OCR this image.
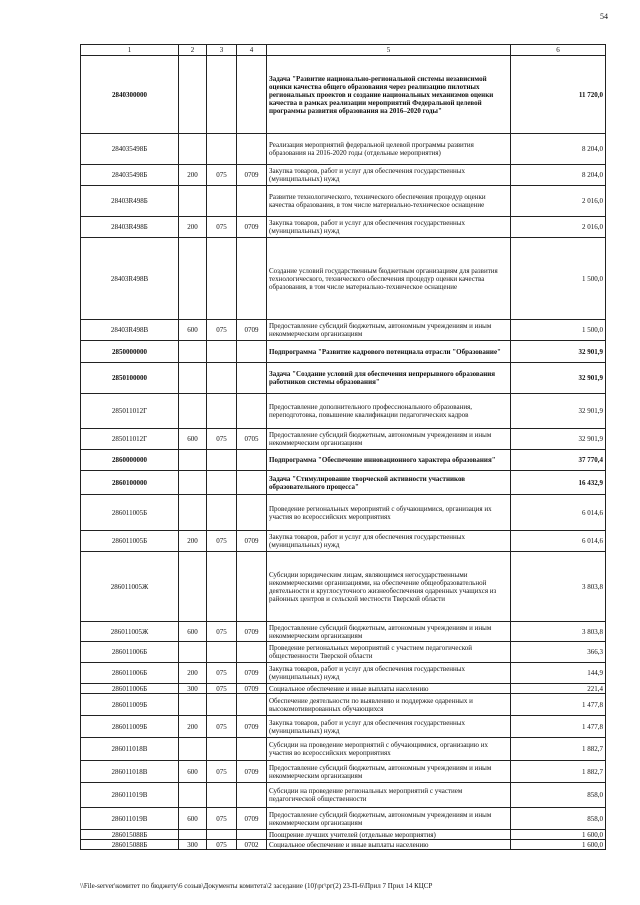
54
1	2	3	4	5	6
2840300000				Задача "Развитие национально-региональной системы независимой оценки качества общего образования через реализацию пилотных региональных проектов и создание национальных механизмов оценки качества в рамках реализации мероприятий Федеральной целевой программы развития образования на 2016–2020 годы"	11 720,0
284035498Б				Реализация мероприятий федеральной целевой программы развития образования на 2016-2020 годы (отдельные мероприятия)	8 204,0
284035498Б	200	075	0709	Закупка товаров, работ и услуг для обеспечения государственных (муниципальных) нужд	8 204,0
28403R498Б				Развитие технологического, технического обеспечения процедур оценки качества образования, в том числе материально-техническое оснащение	2 016,0
28403R498Б	200	075	0709	Закупка товаров, работ и услуг для обеспечения государственных (муниципальных) нужд	2 016,0
28403R498В				Создание условий государственным бюджетным организациям для развития технологического, технического обеспечения процедур оценки качества образования, в том числе материально-техническое оснащение	1 500,0
28403R498В	600	075	0709	Предоставление субсидий бюджетным, автономным учреждениям и иным некоммерческим организациям	1 500,0
2850000000				Подпрограмма "Развитие кадрового потенциала отрасли "Образование"	32 901,9
2850100000				Задача "Создание условий для обеспечения непрерывного образования работников системы образования"	32 901,9
285011012Г				Предоставление дополнительного профессионального образования, переподготовка, повышение квалификации педагогических кадров	32 901,9
285011012Г	600	075	0705	Предоставление субсидий бюджетным, автономным учреждениям и иным некоммерческим организациям	32 901,9
2860000000				Подпрограмма "Обеспечение инновационного характера образования"	37 770,4
2860100000				Задача "Стимулирование творческой активности участников образовательного процесса"	16 432,9
286011005Б				Проведение региональных мероприятий с обучающимися, организация их участия во всероссийских мероприятиях	6 014,6
286011005Б	200	075	0709	Закупка товаров, работ и услуг для обеспечения государственных (муниципальных) нужд	6 014,6
286011005Ж				Субсидии юридическим лицам, являющимся негосударственными некоммерческими организациями, на обеспечение общеобразовательной деятельности и круглосуточного жизнеобеспечения одаренных учащихся из районных центров и сельской местности Тверской области	3 803,8
286011005Ж	600	075	0709	Предоставление субсидий бюджетным, автономным учреждениям и иным некоммерческим организациям	3 803,8
286011006Б				Проведение региональных мероприятий с участием педагогической общественности Тверской области	366,3
286011006Б	200	075	0709	Закупка товаров, работ и услуг для обеспечения государственных (муниципальных) нужд	144,9
286011006Б	300	075	0709	Социальное обеспечение и иные выплаты населению	221,4
286011009Б				Обеспечение деятельности по выявлению и поддержке одаренных и высокомотивированных обучающихся	1 477,8
286011009Б	200	075	0709	Закупка товаров, работ и услуг для обеспечения государственных (муниципальных) нужд	1 477,8
286011018В				Субсидии на проведение мероприятий с обучающимися, организацию их участия во всероссийских мероприятиях	1 882,7
286011018В	600	075	0709	Предоставление субсидий бюджетным, автономным учреждениям и иным некоммерческим организациям	1 882,7
286011019В				Субсидии на проведение региональных мероприятий с участием педагогической общественности	858,0
286011019В	600	075	0709	Предоставление субсидий бюджетным, автономным учреждениям и иным некоммерческим организациям	858,0
286015088Б				Поощрение лучших учителей (отдельные мероприятия)	1 600,0
286015088Б	300	075	0702	Социальное обеспечение и иные выплаты населению	1 600,0
\\File-server\комитет по бюджету\6 созыв\Документы комитета\2 заседание (10)\рг\рг(2) 23-П-6\Прил 7 Прил 14 КЦСР
